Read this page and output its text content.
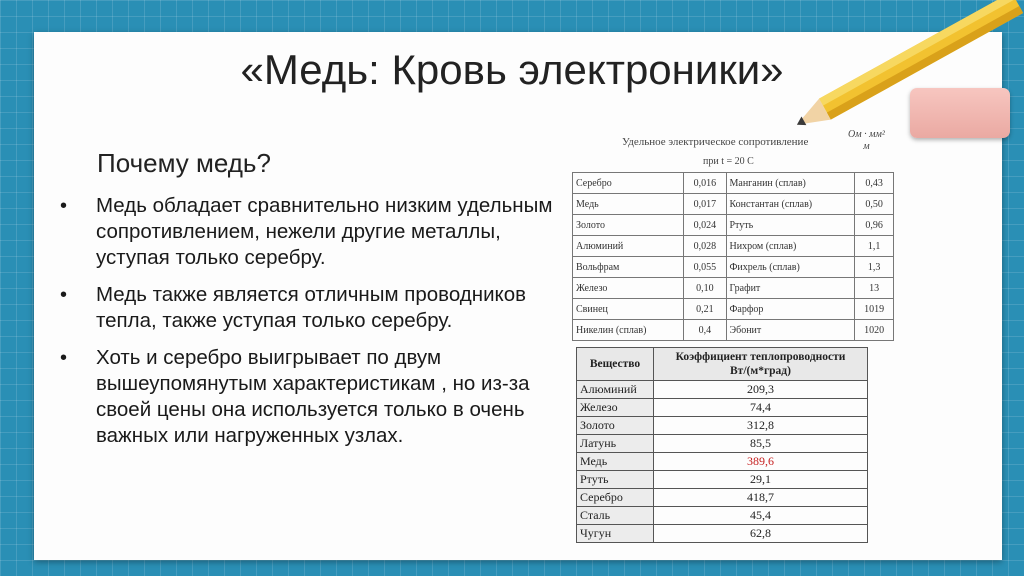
«Медь: Кровь электроники»
Почему медь?
• Медь обладает сравнительно низким удельным сопротивлением, нежели другие металлы, уступая только серебру.
• Медь также является отличным проводников тепла, также уступая только серебру.
• Хоть и серебро выигрывает по двум вышеупомянутым характеристикам , но из-за своей цены она используется только в очень важных или нагруженных узлах.
Удельное электрическое сопротивление
Ом · мм²
м
при t = 20 С
Серебро	0,016	Манганин (сплав)	0,43
Медь	0,017	Константан (сплав)	0,50
Золото	0,024	Ртуть	0,96
Алюминий	0,028	Нихром (сплав)	1,1
Вольфрам	0,055	Фихрель (сплав)	1,3
Железо	0,10	Графит	13
Свинец	0,21	Фарфор	1019
Никелин (сплав)	0,4	Эбонит	1020
Вещество	Коэффициент теплопроводности Вт/(м*град)
Алюминий	209,3
Железо	74,4
Золото	312,8
Латунь	85,5
Медь	389,6
Ртуть	29,1
Серебро	418,7
Сталь	45,4
Чугун	62,8
